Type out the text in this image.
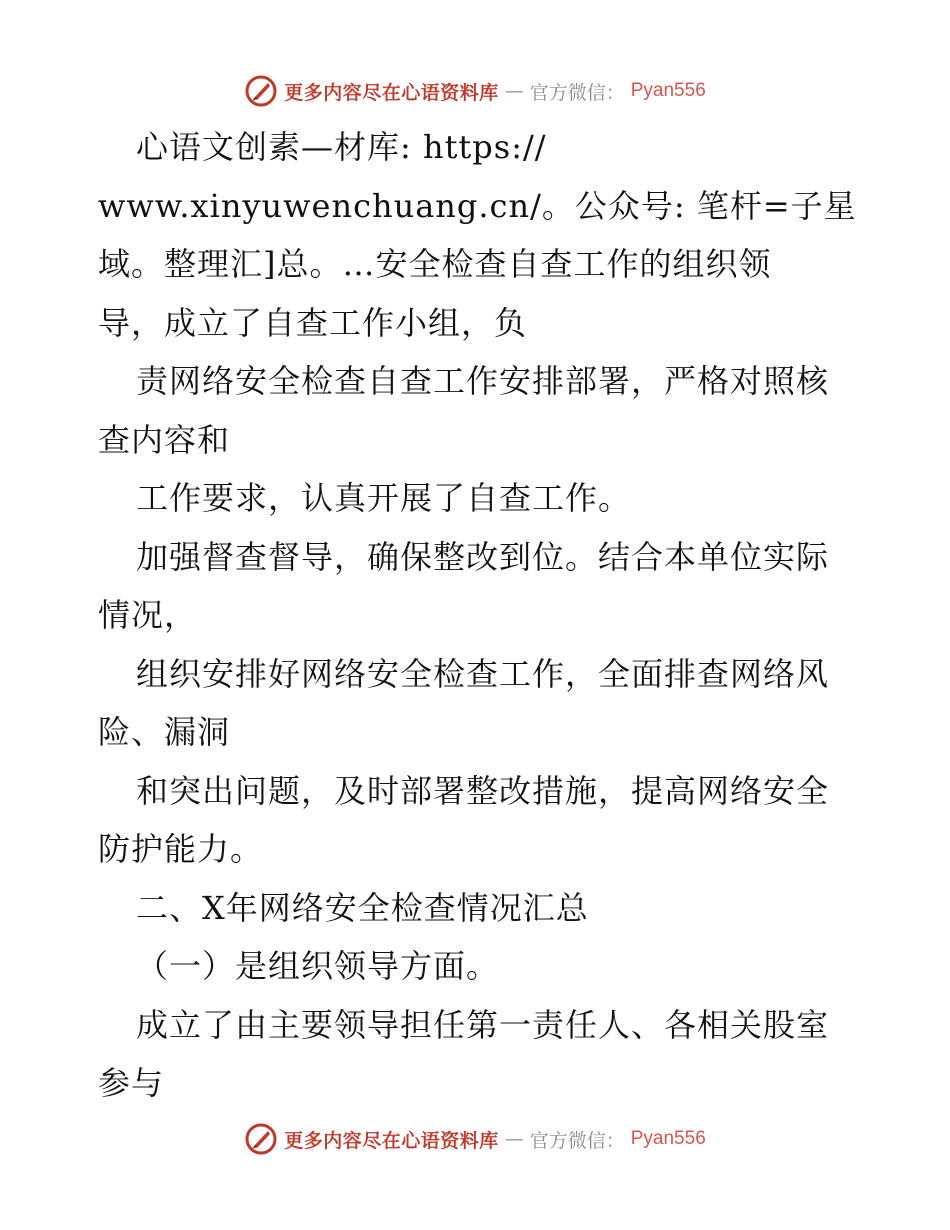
更多内容尽在心语资料库 — 官方微信： Pyan556
心语文创素—材库: https://
www.xinyuwenchuang.cn/。公众号: 笔杆=子星
域。整理汇]总。…安全检查自查工作的组织领
导，成立了自查工作小组，负
责网络安全检查自查工作安排部署，严格对照核
查内容和
工作要求，认真开展了自查工作。
加强督查督导，确保整改到位。结合本单位实际
情况，
组织安排好网络安全检查工作，全面排查网络风
险、漏洞
和突出问题，及时部署整改措施，提高网络安全
防护能力。
二、X年网络安全检查情况汇总
（一）是组织领导方面。
成立了由主要领导担任第一责任人、各相关股室
参与
更多内容尽在心语资料库 — 官方微信： Pyan556
